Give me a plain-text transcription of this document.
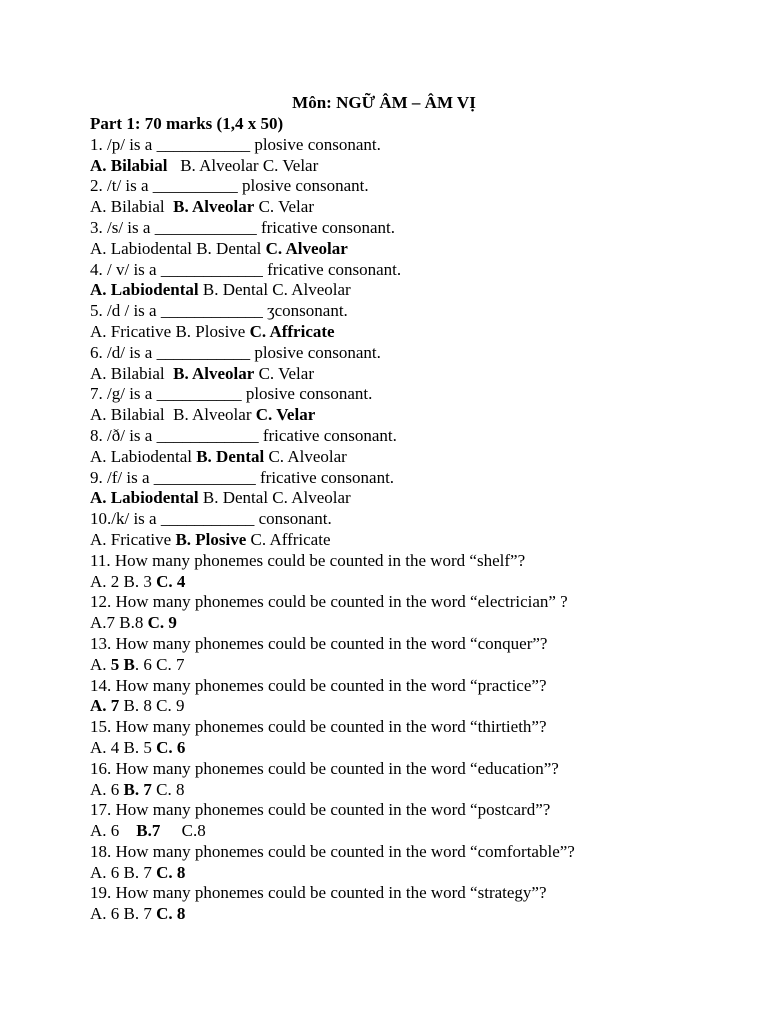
Môn: NGỮ ÂM – ÂM VỊ
Part 1: 70 marks (1,4 x 50)
1. /p/ is a ___________ plosive consonant.
A. Bilabial   B. Alveolar C. Velar
2. /t/ is a __________ plosive consonant.
A. Bilabial  B. Alveolar C. Velar
3. /s/ is a ____________ fricative consonant.
A. Labiodental B. Dental C. Alveolar
4. / v/ is a ____________ fricative consonant.
A. Labiodental B. Dental C. Alveolar
5. /d / is a ____________ ʒconsonant.
A. Fricative B. Plosive C. Affricate
6. /d/ is a ___________ plosive consonant.
A. Bilabial  B. Alveolar C. Velar
7. /g/ is a __________ plosive consonant.
A. Bilabial  B. Alveolar C. Velar
8. /ð/ is a ____________ fricative consonant.
A. Labiodental B. Dental C. Alveolar
9. /f/ is a ____________ fricative consonant.
A. Labiodental B. Dental C. Alveolar
10./k/ is a ___________ consonant.
A. Fricative B. Plosive C. Affricate
11. How many phonemes could be counted in the word “shelf”?
A. 2 B. 3 C. 4
12. How many phonemes could be counted in the word “electrician” ?
A.7 B.8 C. 9
13. How many phonemes could be counted in the word “conquer”?
A. 5 B. 6 C. 7
14. How many phonemes could be counted in the word “practice”?
A. 7 B. 8 C. 9
15. How many phonemes could be counted in the word “thirtieth”?
A. 4 B. 5 C. 6
16. How many phonemes could be counted in the word “education”?
A. 6 B. 7 C. 8
17. How many phonemes could be counted in the word “postcard”?
A. 6    B.7     C.8
18. How many phonemes could be counted in the word “comfortable”?
A. 6 B. 7 C. 8
19. How many phonemes could be counted in the word “strategy”?
A. 6 B. 7 C. 8
